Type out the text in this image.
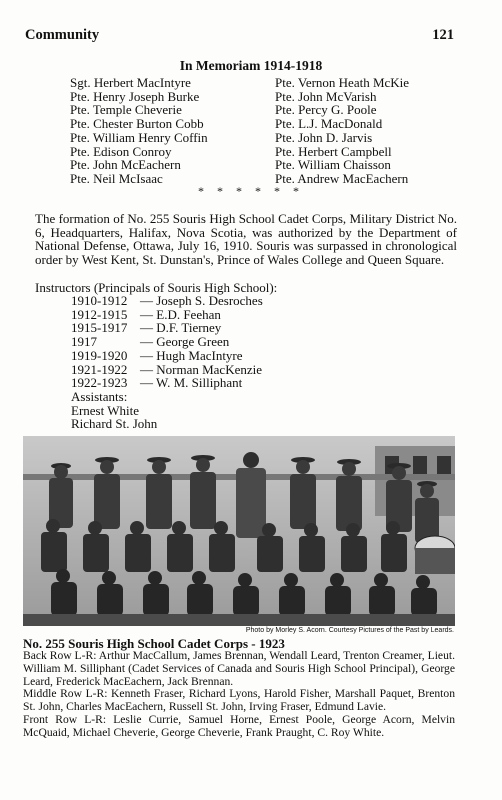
Community	121
In Memoriam 1914-1918
Sgt. Herbert MacIntyre
Pte. Henry Joseph Burke
Pte. Temple Cheverie
Pte. Chester Burton Cobb
Pte. William Henry Coffin
Pte. Edison Conroy
Pte. John McEachern
Pte. Neil McIsaac
Pte. Vernon Heath McKie
Pte. John McVarish
Pte. Percy G. Poole
Pte. L.J. MacDonald
Pte. John D. Jarvis
Pte. Herbert Campbell
Pte. William Chaisson
Pte. Andrew MacEachern
* * * * * *

The formation of No. 255 Souris High School Cadet Corps, Military District No. 6, Headquarters, Halifax, Nova Scotia, was authorized by the Department of National Defense, Ottawa, July 16, 1910. Souris was surpassed in chronological order by West Kent, St. Dunstan's, Prince of Wales College and Queen Square.

Instructors (Principals of Souris High School):
1910-1912 — Joseph S. Desroches
1912-1915 — E.D. Feehan
1915-1917 — D.F. Tierney
1917	— George Green
1919-1920 — Hugh MacIntyre
1921-1922 — Norman MacKenzie
1922-1923 — W. M. Silliphant
Assistants:
Ernest White
Richard St. John
Photo by Morley S. Acorn. Courtesy Pictures of the Past by Leards.
No. 255 Souris High School Cadet Corps - 1923

Back Row L-R: Arthur MacCallum, James Brennan, Wendall Leard, Trenton Creamer, Lieut. William M. Silliphant (Cadet Services of Canada and Souris High School Principal), George Leard, Frederick MacEachern, Jack Brennan.

Middle Row L-R: Kenneth Fraser, Richard Lyons, Harold Fisher, Marshall Paquet, Brenton St. John, Charles MacEachern, Russell St. John, Irving Fraser, Edmund Lavie.

Front Row L-R: Leslie Currie, Samuel Horne, Ernest Poole, George Acorn, Melvin McQuaid, Michael Cheverie, George Cheverie, Frank Praught, C. Roy White.
